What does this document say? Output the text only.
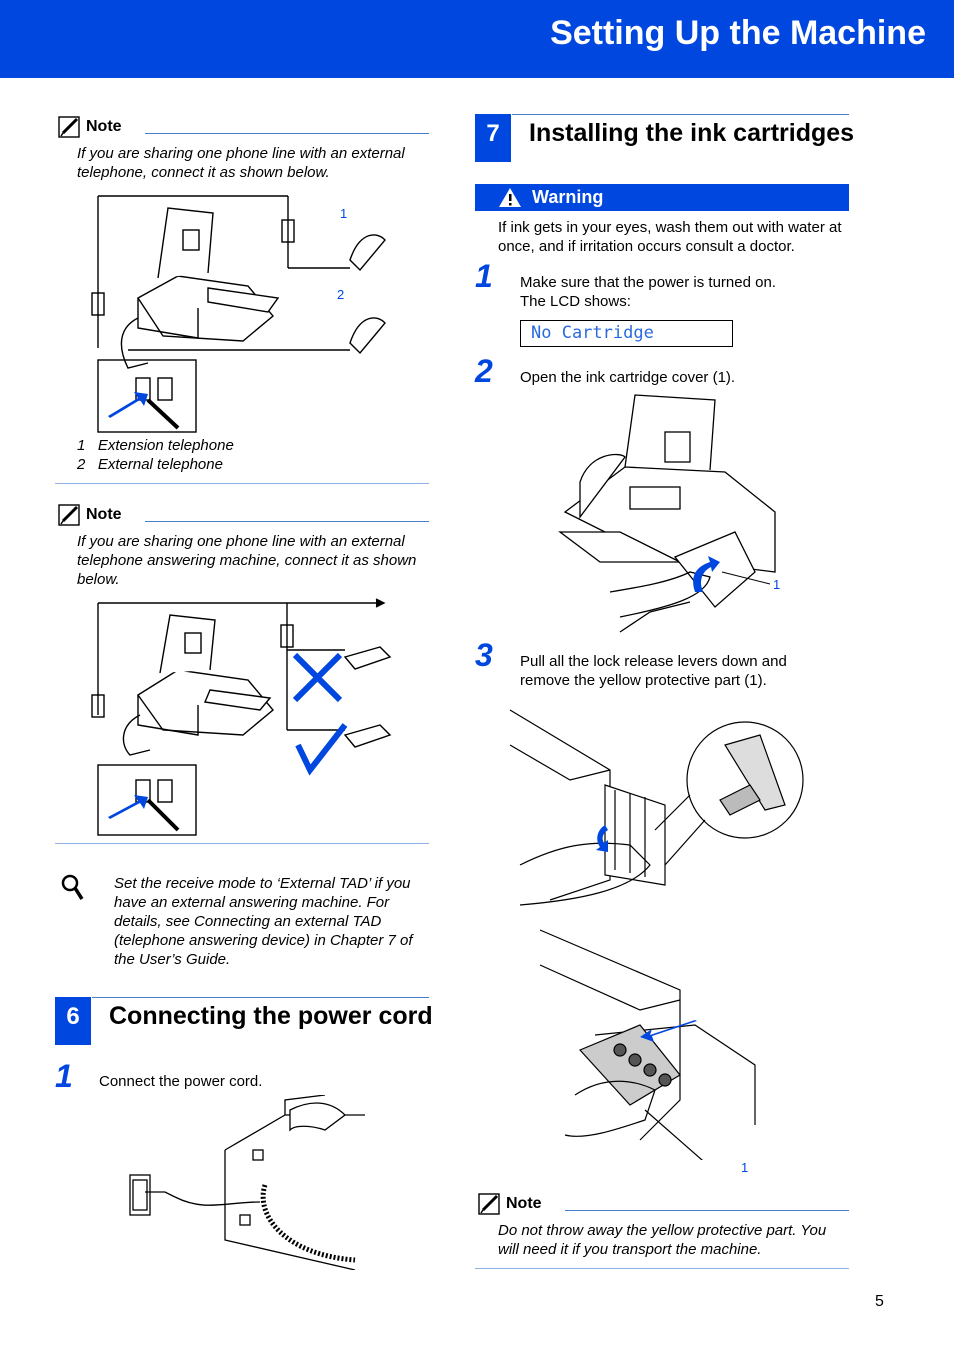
Setting Up the Machine
Note
If you are sharing one phone line with an external telephone, connect it as shown below.
1
2
1 Extension telephone
2 External telephone
Note
If you are sharing one phone line with an external telephone answering machine, connect it as shown below.
Set the receive mode to ‘External TAD’ if you have an external answering machine. For details, see Connecting an external TAD (telephone answering device) in Chapter 7 of the User’s Guide.
6	Connecting the power cord
1 Connect the power cord.
7	Installing the ink cartridges
Warning
If ink gets in your eyes, wash them out with water at once, and if irritation occurs consult a doctor.
1 Make sure that the power is turned on.
The LCD shows:
No Cartridge
2 Open the ink cartridge cover (1).
1
3 Pull all the lock release levers down and
remove the yellow protective part (1).
1
Note
Do not throw away the yellow protective part. You will need it if you transport the machine.
5
